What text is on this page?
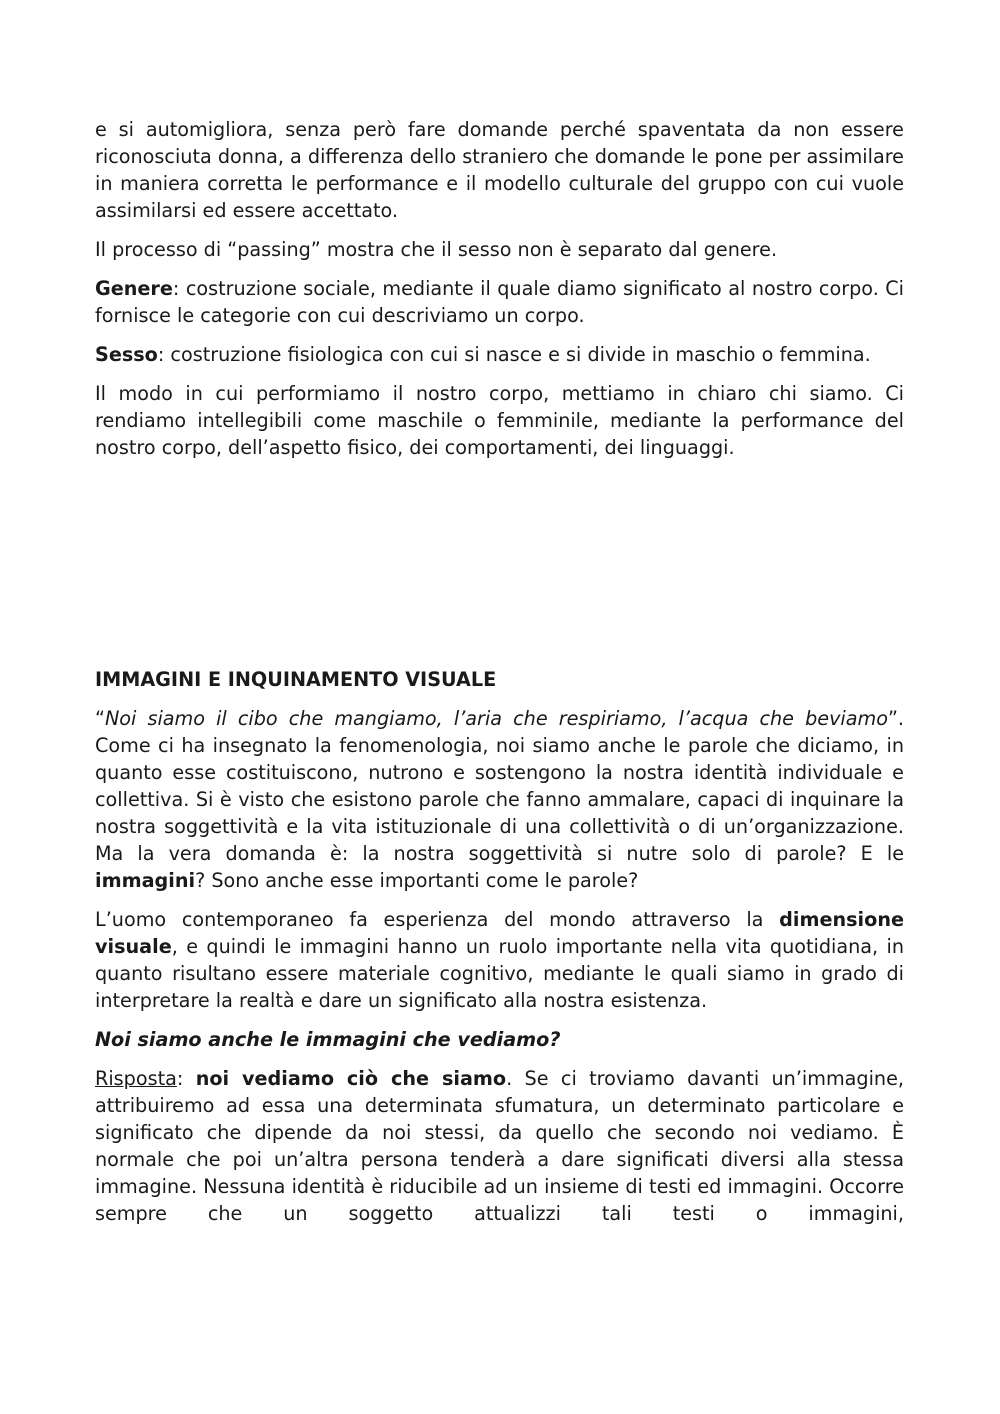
e si automigliora, senza però fare domande perché spaventata da non essere riconosciuta donna, a differenza dello straniero che domande le pone per assimilare in maniera corretta le performance e il modello culturale del gruppo con cui vuole assimilarsi ed essere accettato.

Il processo di “passing” mostra che il sesso non è separato dal genere.

Genere: costruzione sociale, mediante il quale diamo significato al nostro corpo. Ci fornisce le categorie con cui descriviamo un corpo.

Sesso: costruzione fisiologica con cui si nasce e si divide in maschio o femmina.

Il modo in cui performiamo il nostro corpo, mettiamo in chiaro chi siamo. Ci rendiamo intellegibili come maschile o femminile, mediante la performance del nostro corpo, dell’aspetto fisico, dei comportamenti, dei linguaggi.

IMMAGINI E INQUINAMENTO VISUALE

“Noi siamo il cibo che mangiamo, l’aria che respiriamo, l’acqua che beviamo”. Come ci ha insegnato la fenomenologia, noi siamo anche le parole che diciamo, in quanto esse costituiscono, nutrono e sostengono la nostra identità individuale e collettiva. Si è visto che esistono parole che fanno ammalare, capaci di inquinare la nostra soggettività e la vita istituzionale di una collettività o di un’organizzazione. Ma la vera domanda è: la nostra soggettività si nutre solo di parole? E le immagini? Sono anche esse importanti come le parole?

L’uomo contemporaneo fa esperienza del mondo attraverso la dimensione visuale, e quindi le immagini hanno un ruolo importante nella vita quotidiana, in quanto risultano essere materiale cognitivo, mediante le quali siamo in grado di interpretare la realtà e dare un significato alla nostra esistenza.

Noi siamo anche le immagini che vediamo?

Risposta: noi vediamo ciò che siamo. Se ci troviamo davanti un’immagine, attribuiremo ad essa una determinata sfumatura, un determinato particolare e significato che dipende da noi stessi, da quello che secondo noi vediamo. È normale che poi un’altra persona tenderà a dare significati diversi alla stessa immagine. Nessuna identità è riducibile ad un insieme di testi ed immagini. Occorre sempre che un soggetto attualizzi tali testi o immagini,
